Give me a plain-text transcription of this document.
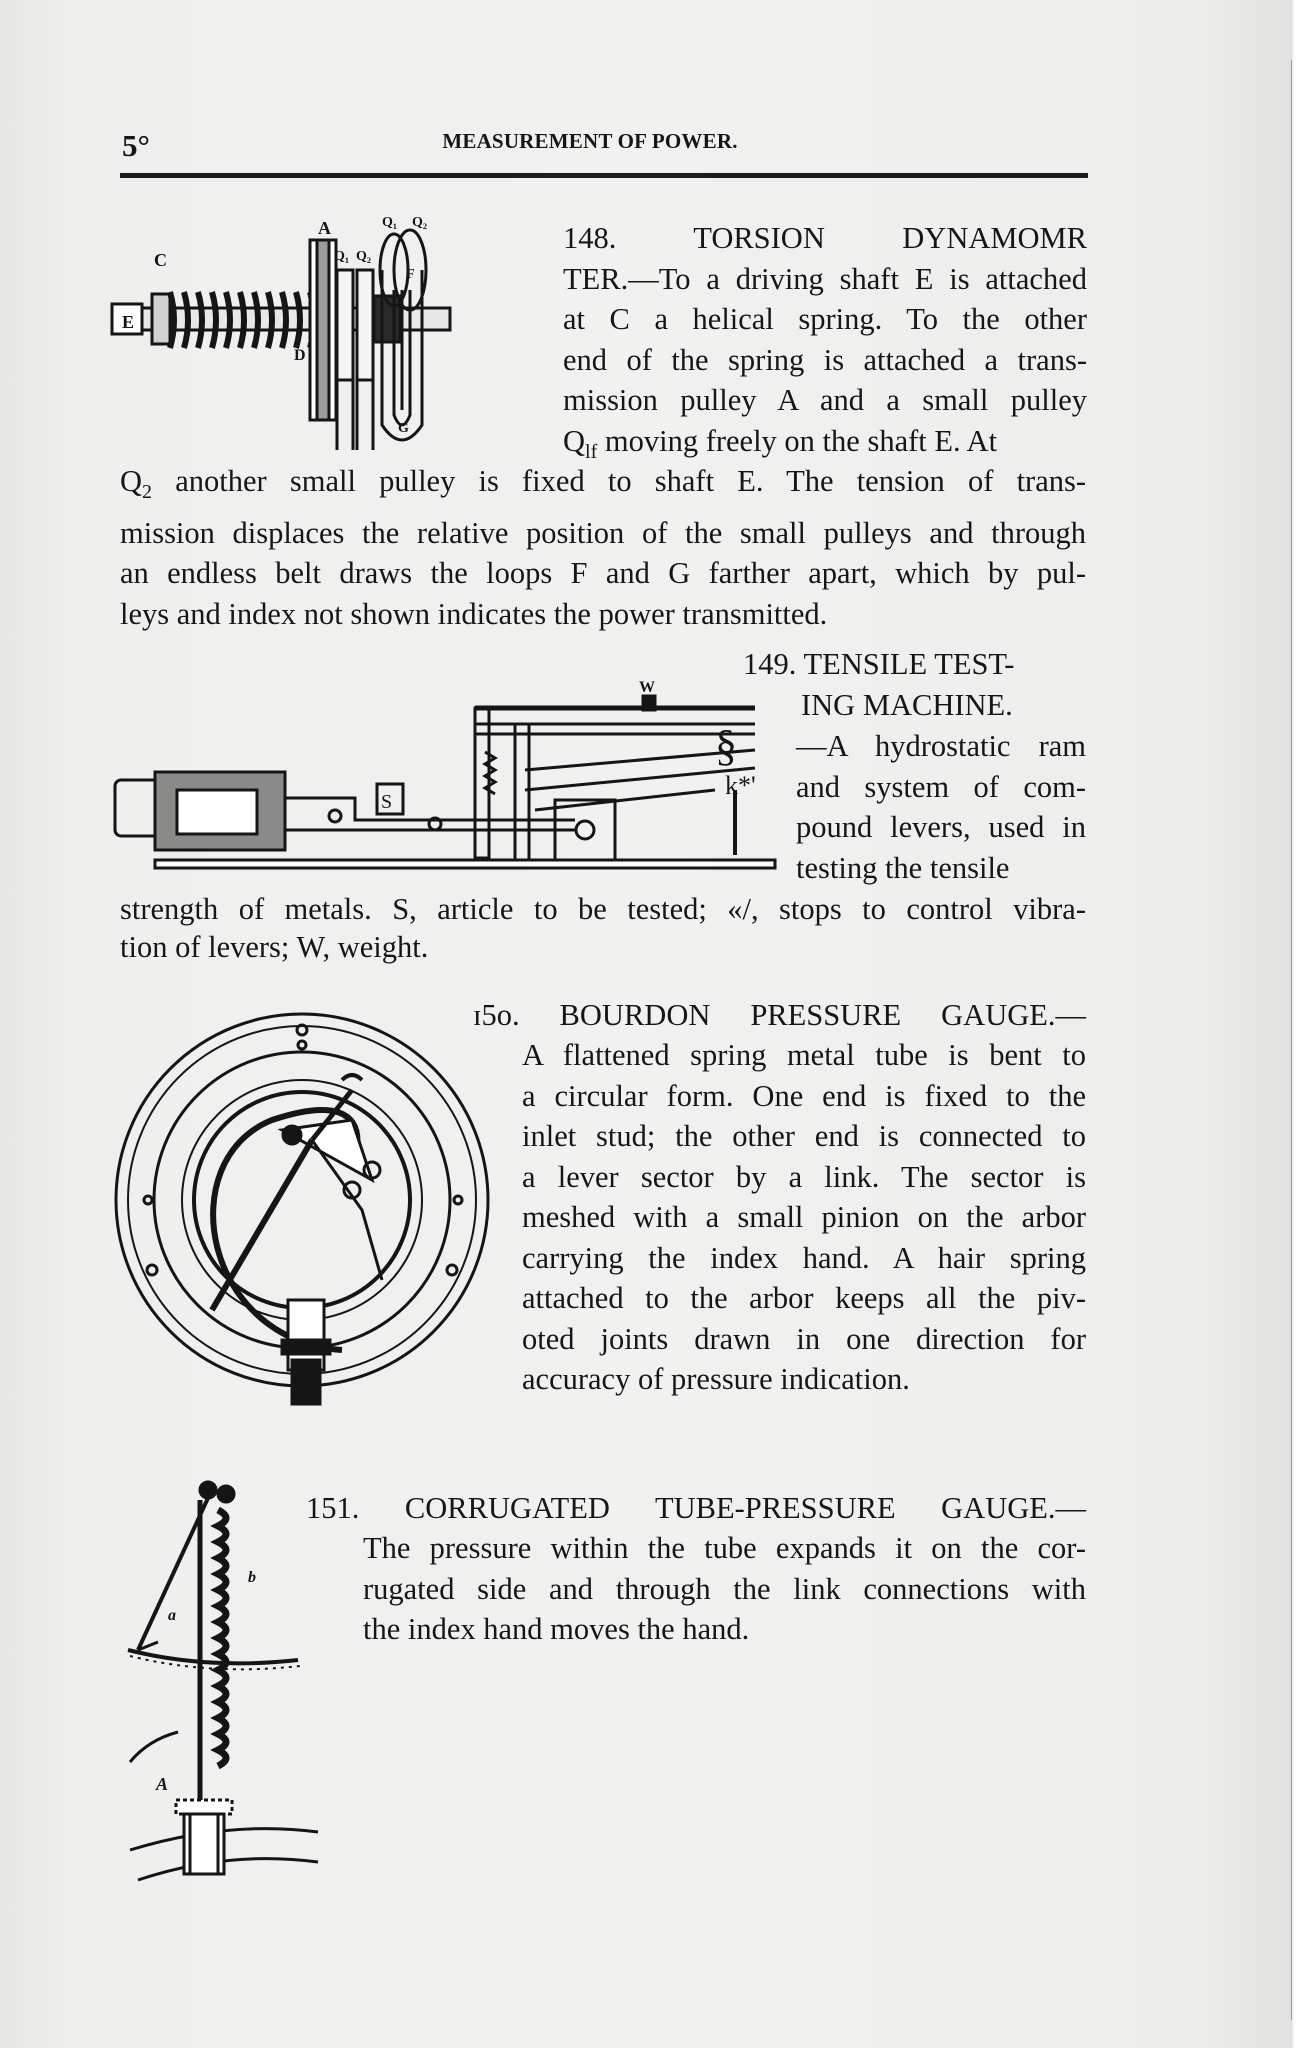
5°	MEASUREMENT OF POWER.
C
E
A
D
Q₁ Q₂
Q₁ Q₂
F
G
148. TORSION DYNAMOMR
TER.—To a driving shaft E is attached
at C a helical spring. To the other
end of the spring is attached a trans-
mission pulley A and a small pulley
$Q_{lf}$ moving freely on the shaft E. At
$Q_2$ another small pulley is fixed to shaft E. The tension of trans-
mission displaces the relative position of the small pulleys and through
an endless belt draws the loops F and G farther apart, which by pul-
leys and index not shown indicates the power transmitted.
S
W
§
k*'
149. TENSILE TEST-
ING MACHINE.
—A hydrostatic ram
and system of com-
pound levers, used in
testing the tensile
strength of metals. S, article to be tested; «/, stops to control vibra-
tion of levers; W, weight.
ɪ5o. BOURDON PRESSURE GAUGE.—
A flattened spring metal tube is bent to
a circular form. One end is fixed to the
inlet stud; the other end is connected to
a lever sector by a link. The sector is
meshed with a small pinion on the arbor
carrying the index hand. A hair spring
attached to the arbor keeps all the piv-
oted joints drawn in one direction for
accuracy of pressure indication.
a
b
A
151. CORRUGATED TUBE-PRESSURE GAUGE.—
The pressure within the tube expands it on the cor-
rugated side and through the link connections with
the index hand moves the hand.
